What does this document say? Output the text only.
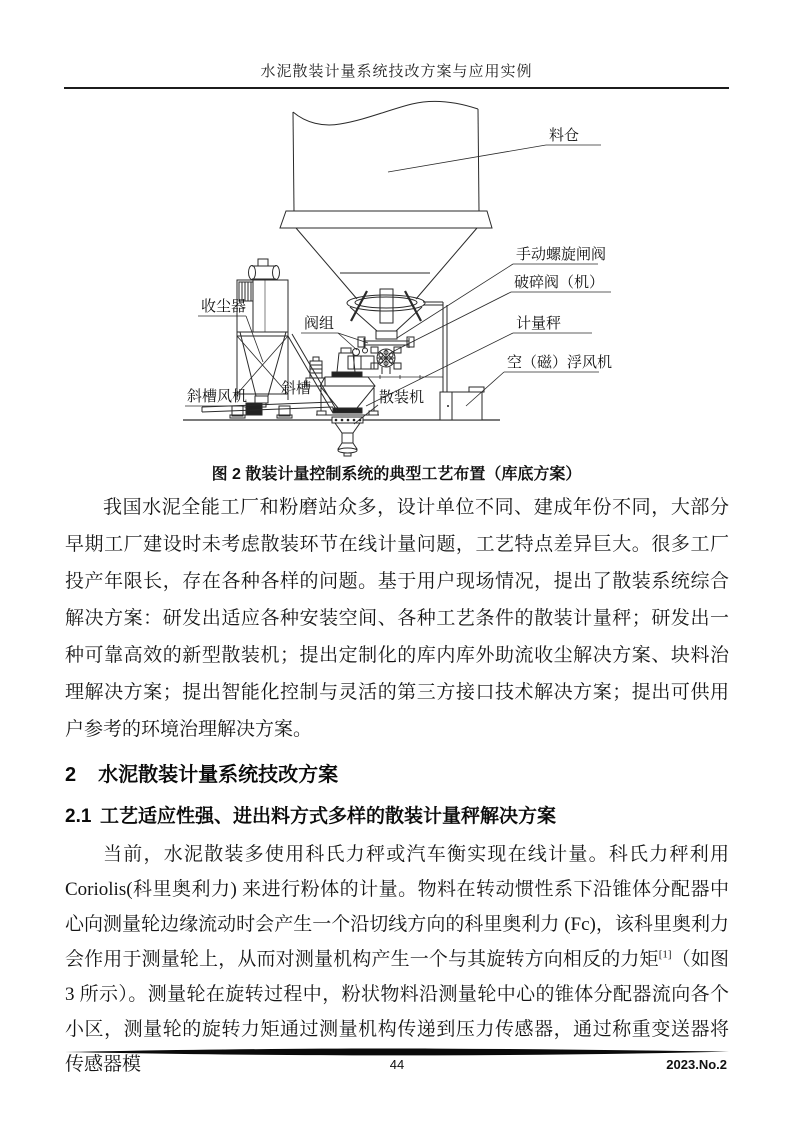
水泥散装计量系统技改方案与应用实例
料仓
手动螺旋闸阀
破碎阀（机）
计量秤
空（磁）浮风机
收尘器
阀组
斜槽
斜槽风机	散装机
图 2 散装计量控制系统的典型工艺布置（库底方案）

我国水泥全能工厂和粉磨站众多，设计单位不同、建成年份不同，大部分早期工厂建设时未考虑散装环节在线计量问题，工艺特点差异巨大。很多工厂投产年限长，存在各种各样的问题。基于用户现场情况，提出了散装系统综合解决方案：研发出适应各种安装空间、各种工艺条件的散装计量秤；研发出一种可靠高效的新型散装机；提出定制化的库内库外助流收尘解决方案、块料治理解决方案；提出智能化控制与灵活的第三方接口技术解决方案；提出可供用户参考的环境治理解决方案。

2 水泥散装计量系统技改方案
2.1 工艺适应性强、进出料方式多样的散装计量秤解决方案

当前，水泥散装多使用科氏力秤或汽车衡实现在线计量。科氏力秤利用 Coriolis(科里奥利力) 来进行粉体的计量。物料在转动惯性系下沿锥体分配器中心向测量轮边缘流动时会产生一个沿切线方向的科里奥利力 (Fc)，该科里奥利力会作用于测量轮上，从而对测量机构产生一个与其旋转方向相反的力矩[1]（如图 3 所示）。测量轮在旋转过程中，粉状物料沿测量轮中心的锥体分配器流向各个小区，测量轮的旋转力矩通过测量机构传递到压力传感器，通过称重变送器将传感器模	44	2023.No.2
